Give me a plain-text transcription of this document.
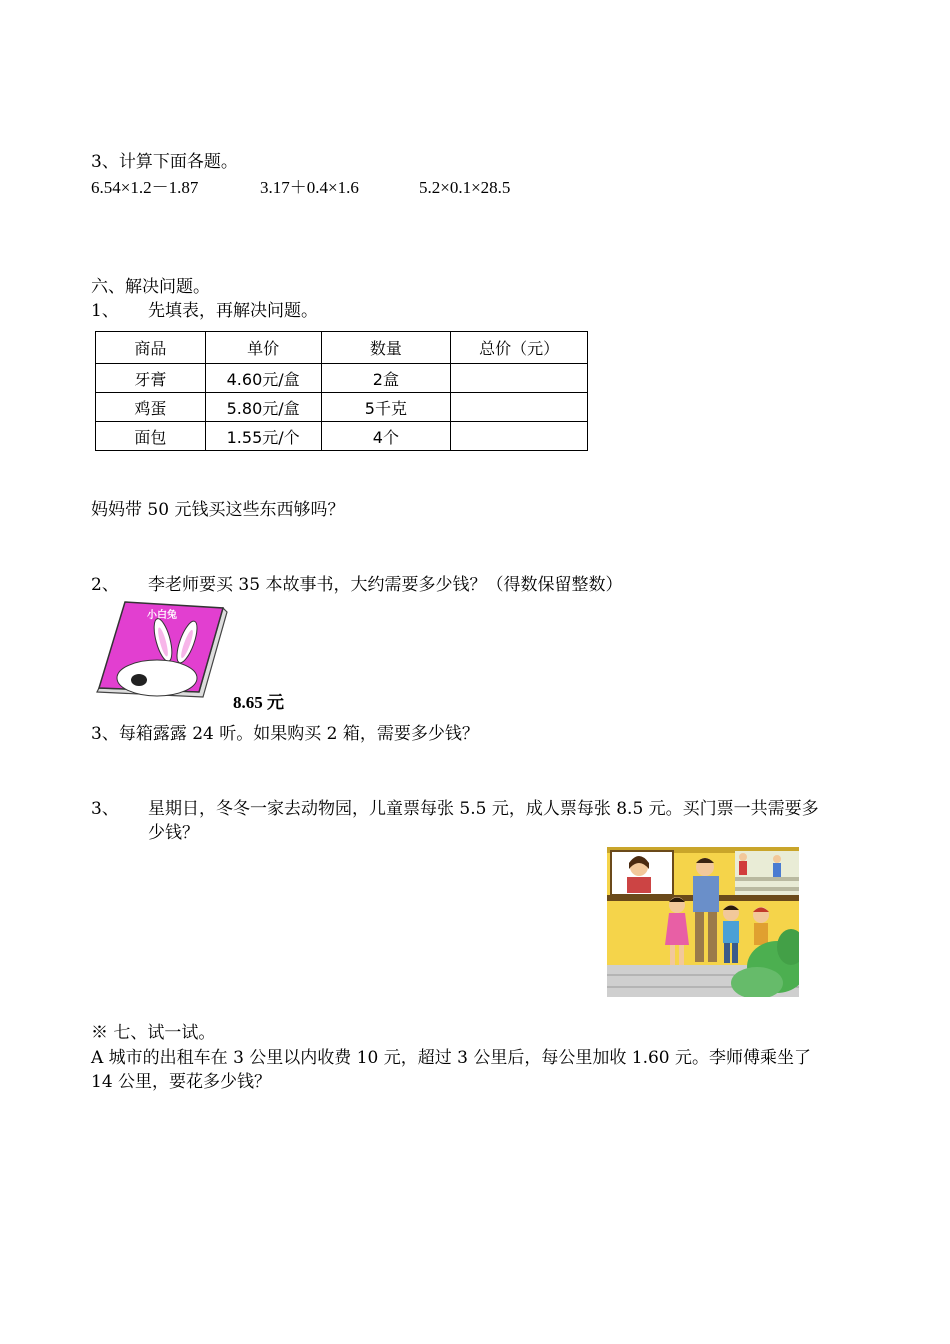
3、计算下面各题。
6.54×1.2－1.87	3.17＋0.4×1.6	5.2×0.1×28.5
六、解决问题。
1、 先填表，再解决问题。
商品	单价	数量	总价（元）
牙膏	4.60元/盒	2盒	
鸡蛋	5.80元/盒	5千克	
面包	1.55元/个	4个	
妈妈带 50 元钱买这些东西够吗？
2、 李老师要买 35 本故事书，大约需要多少钱？（得数保留整数）
小白兔
8.65 元
3、每箱露露 24 听。如果购买 2 箱，需要多少钱？
3、 星期日，冬冬一家去动物园，儿童票每张 5.5 元，成人票每张 8.5 元。买门票一共需要多
少钱？
※ 七、试一试。
A 城市的出租车在 3 公里以内收费 10 元，超过 3 公里后，每公里加收 1.60 元。李师傅乘坐了
14 公里，要花多少钱？
